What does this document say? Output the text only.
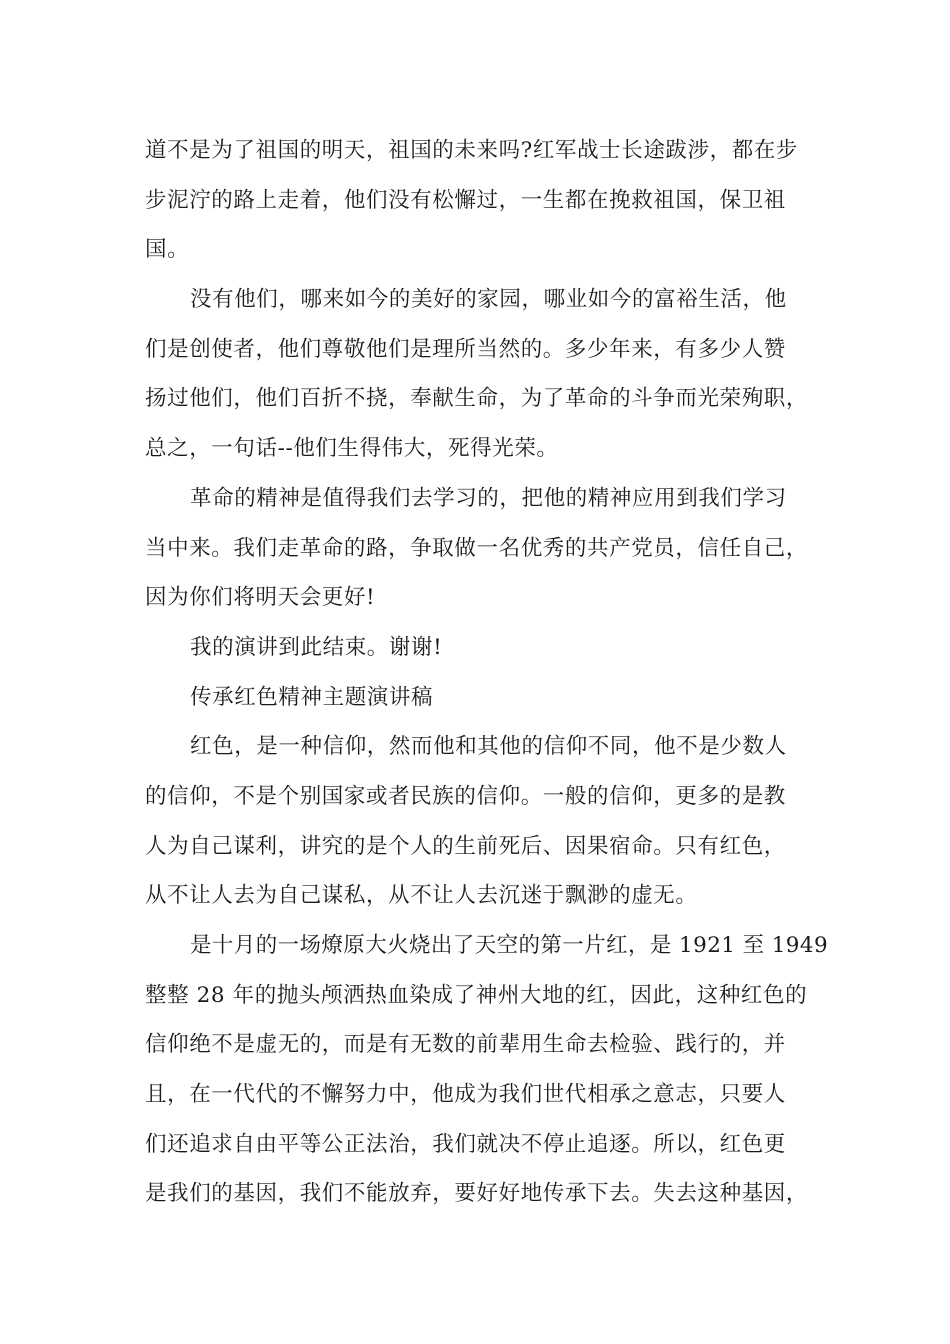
道不是为了祖国的明天，祖国的未来吗?红军战士长途跋涉，都在步

步泥泞的路上走着，他们没有松懈过，一生都在挽救祖国，保卫祖

国。

没有他们，哪来如今的美好的家园，哪业如今的富裕生活，他

们是创使者，他们尊敬他们是理所当然的。多少年来，有多少人赞

扬过他们，他们百折不挠，奉献生命，为了革命的斗争而光荣殉职，

总之，一句话--他们生得伟大，死得光荣。

革命的精神是值得我们去学习的，把他的精神应用到我们学习

当中来。我们走革命的路，争取做一名优秀的共产党员，信任自己，

因为你们将明天会更好!

我的演讲到此结束。谢谢!

传承红色精神主题演讲稿

红色，是一种信仰，然而他和其他的信仰不同，他不是少数人

的信仰，不是个别国家或者民族的信仰。一般的信仰，更多的是教

人为自己谋利，讲究的是个人的生前死后、因果宿命。只有红色，

从不让人去为自己谋私，从不让人去沉迷于飘渺的虚无。

是十月的一场燎原大火烧出了天空的第一片红，是 1921 至 1949

整整 28 年的抛头颅洒热血染成了神州大地的红，因此，这种红色的

信仰绝不是虚无的，而是有无数的前辈用生命去检验、践行的，并

且，在一代代的不懈努力中，他成为我们世代相承之意志，只要人

们还追求自由平等公正法治，我们就决不停止追逐。所以，红色更

是我们的基因，我们不能放弃，要好好地传承下去。失去这种基因，
